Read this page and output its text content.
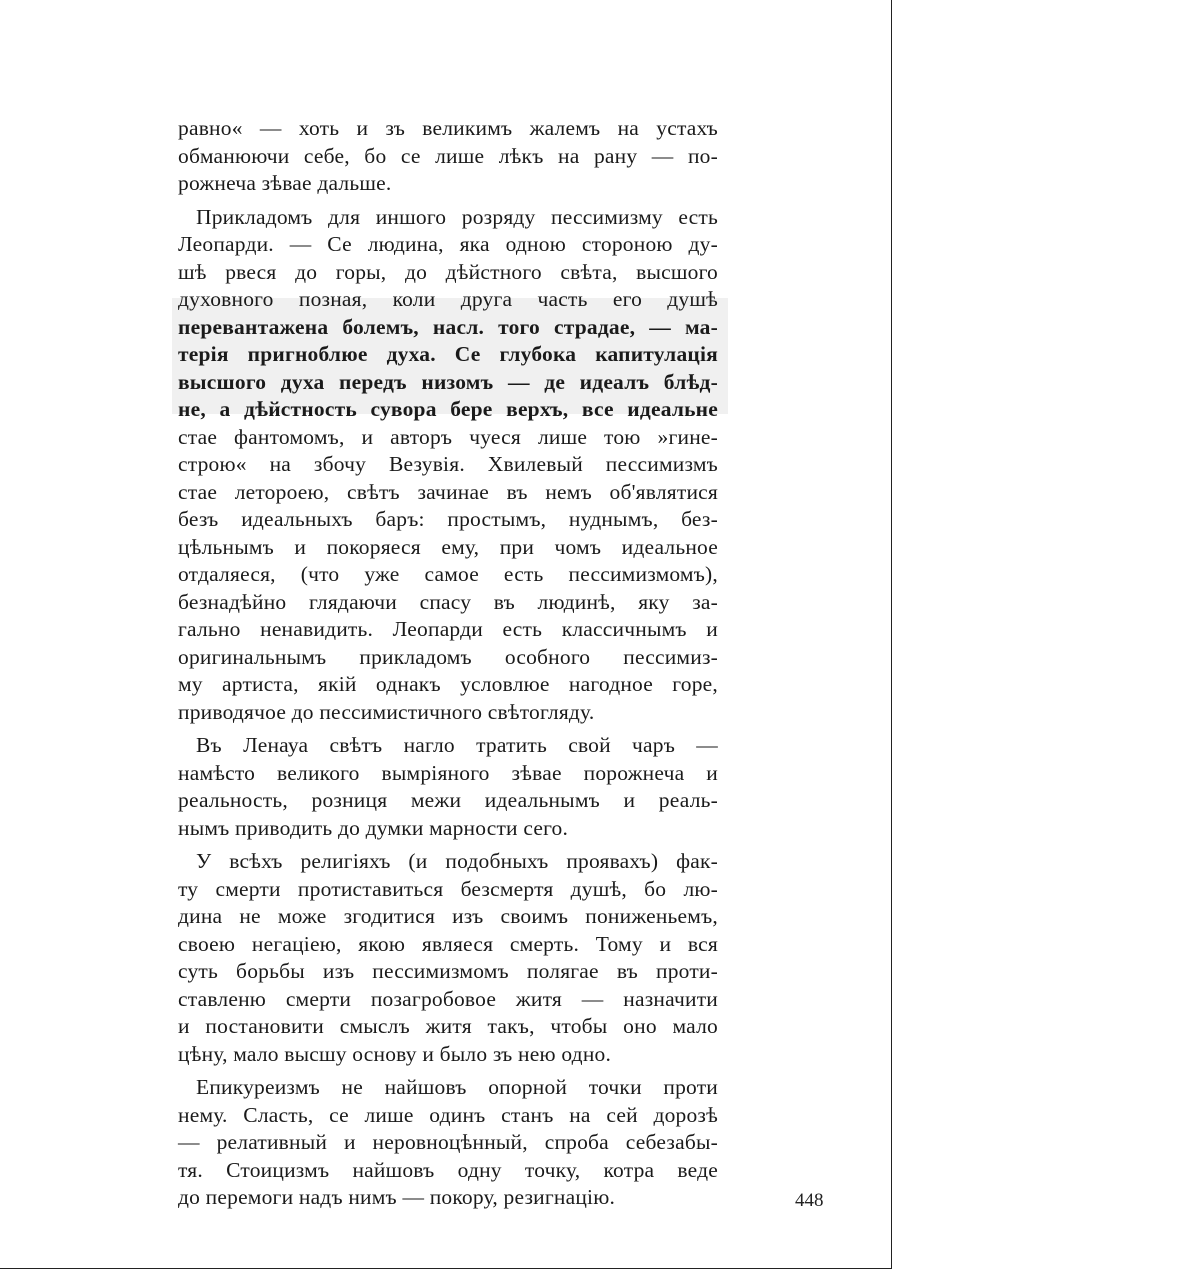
равно« — хоть и зъ великимъ жалемъ на устахъ
обманюючи себе, бо се лише лѣкъ на рану — по-
рожнеча зѣвае дальше.
Прикладомъ для иншого розряду пессимизму есть
Леопарди. — Се людина, яка одною стороною ду-
шѣ рвеся до горы, до дѣйстного свѣта, высшого
духовного позная, коли друга часть его душѣ
перевантажена болемъ, насл. того страдае, — ма-
терія пригноблюе духа. Се глубока капитулація
высшого духа передъ низомъ — де идеалъ блѣд-
не, а дѣйстность сувора бере верхъ, все идеальне
стае фантомомъ, и авторъ чуеся лише тою »гине-
строю« на збочу Везувія. Хвилевый пессимизмъ
стае летороею, свѣтъ зачинае въ немъ об'являтися
безъ идеальныхъ баръ: простымъ, нуднымъ, без-
цѣльнымъ и покоряеся ему, при чомъ идеальное
отдаляеся, (что уже самое есть пессимизмомъ),
безнадѣйно глядаючи спасу въ людинѣ, яку за-
гально ненавидить. Леопарди есть классичнымъ и
оригинальнымъ прикладомъ особного пессимиз-
му артиста, якій однакъ условлюе нагодное горе,
приводячое до пессимистичного свѣтогляду.
Въ Ленауа свѣтъ нагло тратить свой чаръ —
намѣсто великого вымріяного зѣвае порожнеча и
реальность, розниця межи идеальнымъ и реаль-
нымъ приводить до думки марности сего.
У всѣхъ религіяхъ (и подобныхъ проявахъ) фак-
ту смерти протиставиться безсмертя душѣ, бо лю-
дина не може згодитися изъ своимъ пониженьемъ,
своею негаціею, якою являеся смерть. Тому и вся
суть борьбы изъ пессимизмомъ полягае въ проти-
ставленю смерти позагробовое житя — назначити
и постановити смыслъ житя такъ, чтобы оно мало
цѣну, мало высшу основу и было зъ нею одно.
Епикуреизмъ не найшовъ опорной точки проти
нему. Сласть, се лише одинъ станъ на сей дорозѣ
— релативный и неровноцѣнный, спроба себезабы-
тя. Стоицизмъ найшовъ одну точку, котра веде
до перемоги надъ нимъ — покору, резигнацію.	448
